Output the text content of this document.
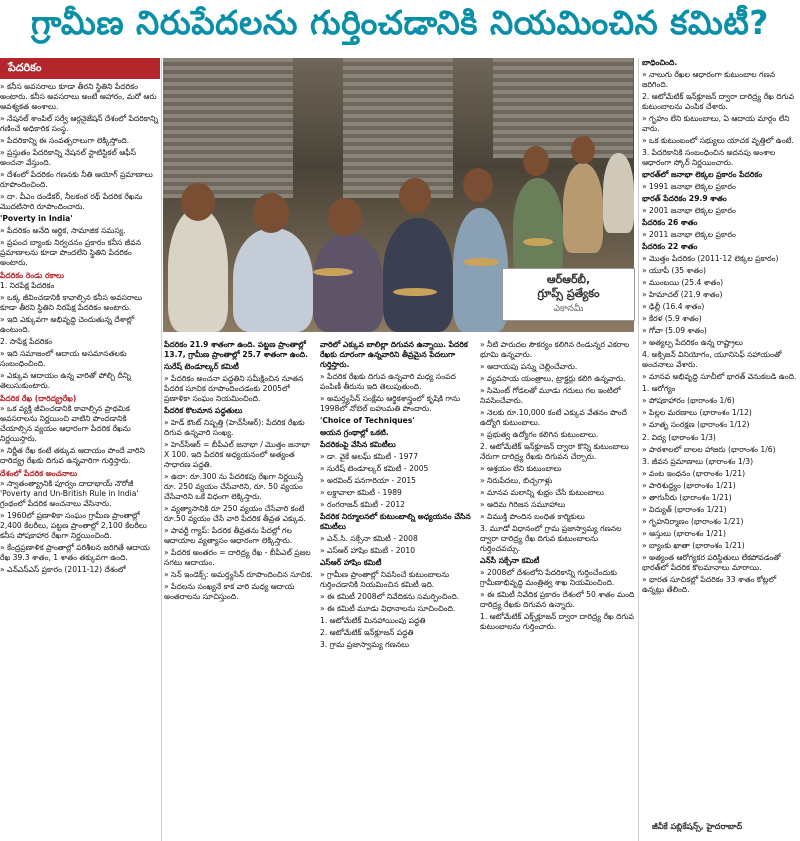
గ్రామీణ నిరుపేదలను గుర్తించడానికి నియమించిన కమిటీ?
పేదరికం
» కనీస అవసరాలు కూడా తీరని స్థితిని పేదరికం అంటారు. కనీస అవసరాలు అంటే ఆహారం, మరో ఆరు ఆవశ్యకత అంశాలు.
» నేషనల్ శాంపిల్ సర్వే ఆర్గనైజేషన్ దేశంలో పేదరికాన్ని గణించే అధికారిక సంస్థ.
» పేదరికాన్ని ఈ సంవత్సరాలుగా లెక్కిస్తోంది.
» ప్రస్తుతం పేదరికాన్ని నేషనల్ స్టాటిస్టికల్ ఆఫీస్ అంచనా వేస్తుంది.
» దేశంలో పేదరికం గణనకు నీతి ఆయోగ్ ప్రమాణాలు రూపొందించింది.
» దా. వీఎం దండేకర్, నీలకంఠ రథ్ పేదరిక రేఖను మొదటిసారి రూపొందించారు.
'Poverty in India'
» పేదరికం అనేది ఆర్థిక, సామాజిక సమస్య.
» ప్రపంచ బ్యాంకు నిర్వచనం ప్రకారం కనీస జీవన ప్రమాణాలను కూడా పొందలేని స్థితిని పేదరికం అంటారు.
పేదరికం రెండు రకాలు
1. నిరపేక్ష పేదరికం
» ఒక్క జీవించడానికి కావాల్సిన కనీస అవసరాలు కూడా తీరని స్థితిని నిరపేక్ష పేదరికం అంటారు.
» ఇది ఎక్కువగా అభివృద్ధి చెందుతున్న దేశాల్లో ఉంటుంది.
2. సాపేక్ష పేదరికం
» ఇది సమాజంలో ఆదాయ అసమానతలకు సంబంధించింది.
» ఎక్కువ ఆదాయం ఉన్న వారితో పోల్చి దీన్ని తెలుసుకుంటారు.
పేదరిక రేఖ (దారిద్య్రరేఖ)
» ఒక వ్యక్తి జీవించడానికి కావాల్సిన ప్రాథమిక అవసరాలను నిర్ణయించి వాటిని పొందడానికి చేయాల్సిన వ్యయం ఆధారంగా పేదరిక రేఖను నిర్ణయిస్తారు.
» నిర్ణీత రేఖ కంటే తక్కువ ఆదాయం పొందే వారిని దారిద్య్ర రేఖకు దిగువ ఉన్నవారిగా గుర్తిస్తారు.
దేశంలో పేదరిక అంచనాలు
» స్వాతంత్య్రానికి పూర్వం దాదాభాయ్ నౌరోజీ 'Poverty and Un-British Rule in India' గ్రంథంలో పేదరిక అంచనాలు వేసినారు.
» 1960లో ప్రణాళికా సంఘం గ్రామీణ ప్రాంతాల్లో 2,400 కేలరీలు, పట్టణ ప్రాంతాల్లో 2,100 కేలరీలు కనీస పోషకాహార రేఖగా నిర్ణయించింది.
» కేంద్రప్రణాళిక ప్రాంతాల్లో పరిశీలన జరిగితే ఆదాయ రేఖ 39.3 శాతం, 1 శాతం తక్కువగా ఉంది.
» ఎన్ఎస్ఎస్ ప్రకారం (2011-12) దేశంలో
ఆర్ఆర్‌బీ,
గ్రూప్స్ ప్రత్యేకం
ఎకానమీ
పేదరికం 21.9 శాతంగా ఉంది. పట్టణ ప్రాంతాల్లో 13.7, గ్రామీణ ప్రాంతాల్లో 25.7 శాతంగా ఉంది.
సురేష్ టెండూల్కర్ కమిటీ
» పేదరికం అంచనా పద్ధతిని సమీక్షించిన నూతన పేదరిక సూచిక రూపొందించడంకు 2005లో ప్రణాళికా సంఘం నియమించింది.
పేదరిక కొలమాన పద్ధతులు
» హెడ్ కౌంట్ నిష్పత్తి (హెచ్‌సీఆర్): పేదరిక రేఖకు దిగువ ఉన్నవారి సంఖ్య.
» హెచ్‌సీఆర్ = బీపీఎల్ జనాభా / మొత్తం జనాభా X 100. ఇది పేదరిక అధ్యయనంలో అత్యంత సాధారణ పద్ధతి.
» ఉదా: రూ.300 ను పేదరికపు రేఖగా నిర్ణయిస్తే రూ. 250 వ్యయం చేసేవారిని, రూ. 50 వ్యయం చేసేవారిని ఒకే విధంగా లెక్కిస్తారు.
» వ్యత్యాసానికి రూ 250 వ్యయం చేసేవారి కంటే రూ.50 వ్యయం చేసే వారి పేదరిక తీవ్రత ఎక్కువ.
» పావర్టీ గ్యాప్: పేదరిక తీవ్రతను పేదల్లో గల ఆదాయాల వ్యత్యాసం ఆధారంగా లెక్కిస్తారు.
» పేదరిక అంతరం = దారిద్ర్య రేఖ - బీపీఎల్ ప్రజల సగటు ఆదాయం.
» సెన్ ఇండెక్స్: అమర్త్యసేన్ రూపొందించిన సూచిక.
» పేదలను సంఖ్యనే కాక వారి మధ్య ఆదాయ అంతరాలను సూచిస్తుంది.
వారిలో ఎక్కువ బాలిల్లా దిగువన ఉన్నాయి. పేదరిక రేఖకు దూరంగా ఉన్నవారిని తీవ్రమైన పేదలుగా గుర్తిస్తారు.
» పేదరిక రేఖకు దిగువ ఉన్నవారి మధ్య సంపద పంపిణీ తీరును ఇది తెలుపుతుంది.
» అమర్త్యసేన్ సంక్షేమ ఆర్థికశాస్త్రంలో కృషికి గాను 1998లో నోబెల్ బహుమతి పొందారు.
'Choice of Techniques'
ఆయన గ్రంథాల్లో ఒకటి.
పేదరికంపై వేసిన కమిటీలు
» డా. వైకే అలఘ్ కమిటీ - 1977
» సురేష్ టెండూల్కర్ కమిటీ - 2005
» అరవింద్ పనగారియా - 2015
» లక్డావాలా కమిటీ - 1989
» రంగరాజన్ కమిటీ - 2012
పేదరిక నిర్మూలనలో కుటుంబాల్ని అధ్యయనం చేసిన కమిటీలు
» ఎన్.సి. సక్సేనా కమిటీ - 2008
» ఎస్ఆర్ హాషిం కమిటీ - 2010
ఎస్ఆర్ హాషిం కమిటీ
» గ్రామీణ ప్రాంతాల్లో నివసించే కుటుంబాలను గుర్తించడానికి నియమించిన కమిటీ ఇది.
» ఈ కమిటీ 2008లో నివేదికను సమర్పించింది.
» ఈ కమిటీ మూడు విధానాలను సూచించింది.
1. ఆటోమేటిక్ మినహాయింపు పద్ధతి
2. ఆటోమేటిక్ ఇన్‌క్లూజన్ పద్ధతి
3. గ్రామ ప్రజాస్వామ్య గణనలు
» నీటి పారుదల సౌకర్యం కలిగిన రెండున్నర ఎకరాల భూమి ఉన్నవారు.
» ఆదాయపు పన్ను చెల్లించేవారు.
» వ్యవసాయ యంత్రాలు, ట్రాక్టర్లు కలిగి ఉన్నవారు.
» సిమెంట్ గోడలతో మూడు గదులు గల ఇంటిలో నివసించేవారు.
» నెలకు రూ.10,000 కంటే ఎక్కువ వేతనం పొందే ఉద్యోగి కుటుంబాలు.
» ప్రభుత్వ ఉద్యోగం కలిగిన కుటుంబాలు.
2. ఆటోమేటిక్ ఇన్‌క్లూజన్ ద్వారా కొన్ని కుటుంబాలు నేరుగా దారిద్ర్య రేఖకు దిగువన చేర్చారు.
» ఆశ్రయం లేని కుటుంబాలు
» నిరుపేదలు, బిచ్చగాళ్లు
» మానవ మలాన్ని శుభ్రం చేసే కుటుంబాలు
» ఆదిమ గిరిజన సమూహాలు
» విముక్తి పొందిన బంధిత కార్మికులు
3. మూడో విధానంలో గ్రామ ప్రజాస్వామ్య గణనల ద్వారా దారిద్ర్య రేఖ దిగువ కుటుంబాలను గుర్తించవచ్చు.
ఎన్‌సీ సక్సేనా కమిటీ
» 2008లో దేశంలోని పేదరికాన్ని గుర్తించేందుకు గ్రామీణాభివృద్ధి మంత్రిత్వ శాఖ నియమించింది.
» ఈ కమిటీ నివేదిక ప్రకారం దేశంలో 50 శాతం మంది దారిద్ర్య రేఖకు దిగువన ఉన్నారు.
1. ఆటోమేటిక్ ఎక్స్‌క్లూజన్ ద్వారా దారిద్ర్య రేఖ దిగువ కుటుంబాలను గుర్తించారు.
బాధించింది.
» నాలుగు రేఖల ఆధారంగా కుటుంబాల గణన జరిగింది.
2. ఆటోమేటిక్ ఇన్‌క్లూజన్ ద్వారా దారిద్ర్య రేఖ దిగువ కుటుంబాలను ఎంపిక చేశారు.
» గృహం లేని కుటుంబాలు, ఏ ఆదాయ మార్గం లేని వారు.
» ఒక కుటుంబంలో సభ్యులు యాచక వృత్తిలో ఉంటే.
3. పేదరికానికి సంబంధించిన అదనపు అంశాల ఆధారంగా స్కోర్ నిర్ణయించారు.
భారత్‌లో జనాభా లెక్కల ప్రకారం పేదరికం
» 1991 జనాభా లెక్కల ప్రకారం
భారత్ పేదరికం 29.9 శాతం
» 2001 జనాభా లెక్కల ప్రకారం
పేదరికం 26 శాతం
» 2011 జనాభా లెక్కల ప్రకారం
పేదరికం 22 శాతం
» మొత్తం పేదరికం (2011-12 లెక్కల ప్రకారం)
» యూపీ (35 శాతం)
» ముంబయి (25.4 శాతం)
» హిమాచల్ (21.9 శాతం)
» ఢిల్లీ (16.4 శాతం)
» కేరళ (5.9 శాతం)
» గోవా (5.09 శాతం)
» అత్యల్ప పేదరికం ఉన్న రాష్ట్రాలు
4. అక్సిజన్ వినియోగం, యూనిసెఫ్ సహాయంతో అంచనాలు వేశారు.
» మానవ అభివృద్ధి సూచీలో భారత్ వెనుకబడి ఉంది.
1. ఆరోగ్యం
» పోషకాహారం (భారాంశం 1/6)
» పిల్లల మరణాలు (భారాంశం 1/12)
» మాతృ సంరక్షణ (భారాంశం 1/12)
2. విద్య (భారాంశం 1/3)
» పాఠశాలలో బాలల హాజరు (భారాంశం 1/6)
3. జీవన ప్రమాణాలు (భారాంశం 1/3)
» వంట ఇంధనం (భారాంశం 1/21)
» పారిశుద్ధ్యం (భారాంశం 1/21)
» తాగునీరు (భారాంశం 1/21)
» విద్యుత్ (భారాంశం 1/21)
» గృహనిర్మాణం (భారాంశం 1/21)
» ఆస్తులు (భారాంశం 1/21)
» బ్యాంకు ఖాతా (భారాంశం 1/21)
» అత్యంత ఆరోగ్యకర పరిస్థితులు లేకపోవడంతో భారత్‌లో పేదరిక కొలమానాలు మారాయి.
» భారత సూచికల్లో పేదరికం 33 శాతం కోట్లలో ఉన్నట్లు తేలింది.
జీవీకే పబ్లికేషన్స్, హైదరాబాద్
